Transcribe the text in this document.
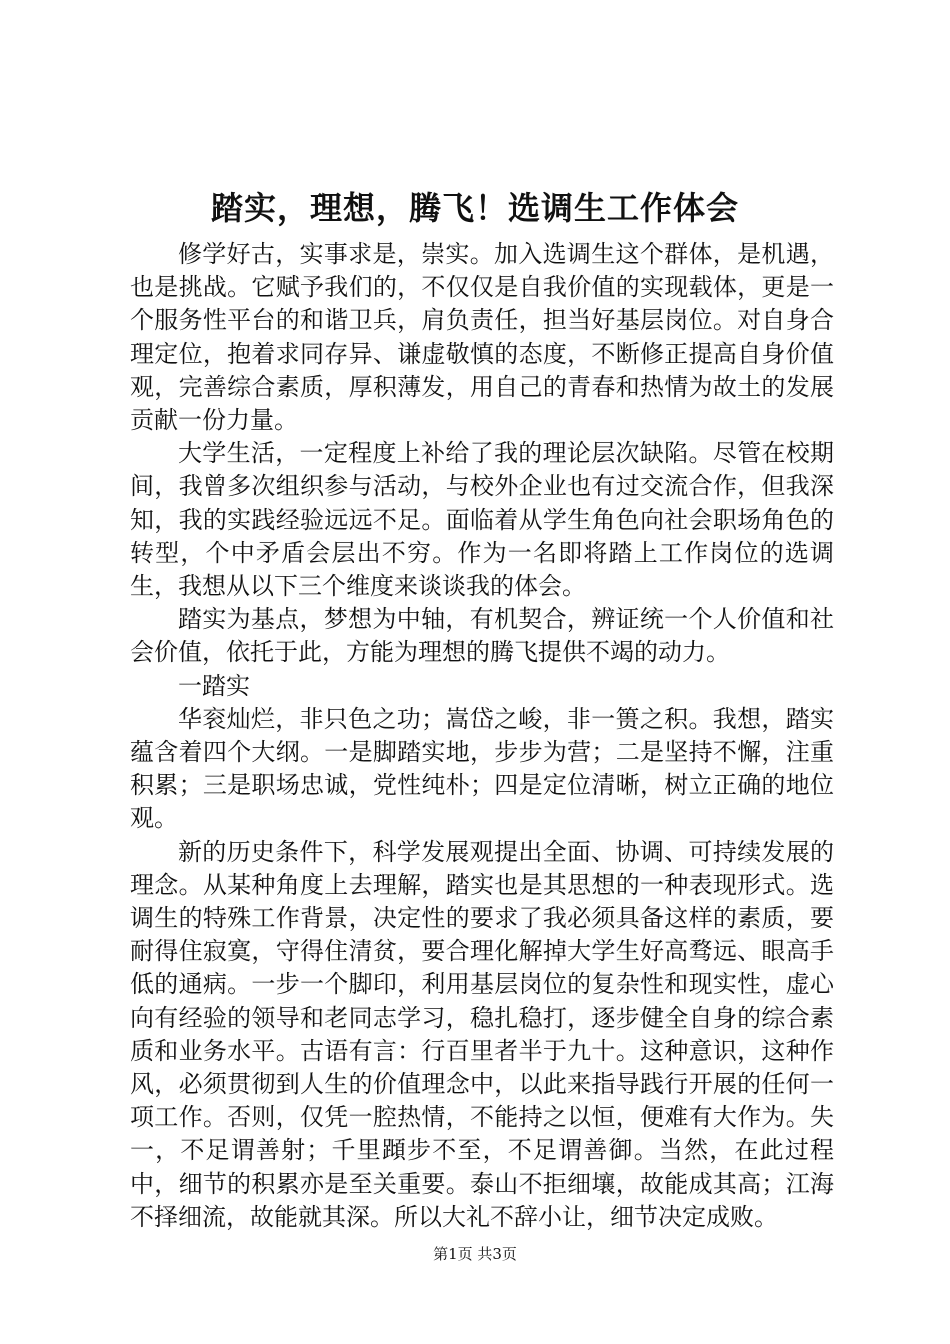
踏实，理想，腾飞！选调生工作体会

修学好古，实事求是，崇实。加入选调生这个群体，是机遇，也是挑战。它赋予我们的，不仅仅是自我价值的实现载体，更是一个服务性平台的和谐卫兵，肩负责任，担当好基层岗位。对自身合理定位，抱着求同存异、谦虚敬慎的态度，不断修正提高自身价值观，完善综合素质，厚积薄发，用自己的青春和热情为故土的发展贡献一份力量。

大学生活，一定程度上补给了我的理论层次缺陷。尽管在校期间，我曾多次组织参与活动，与校外企业也有过交流合作，但我深知，我的实践经验远远不足。面临着从学生角色向社会职场角色的转型，个中矛盾会层出不穷。作为一名即将踏上工作岗位的选调生，我想从以下三个维度来谈谈我的体会。

踏实为基点，梦想为中轴，有机契合，辨证统一个人价值和社会价值，依托于此，方能为理想的腾飞提供不竭的动力。

一踏实

华衮灿烂，非只色之功；嵩岱之峻，非一篑之积。我想，踏实蕴含着四个大纲。一是脚踏实地，步步为营；二是坚持不懈，注重积累；三是职场忠诚，党性纯朴；四是定位清晰，树立正确的地位观。

新的历史条件下，科学发展观提出全面、协调、可持续发展的理念。从某种角度上去理解，踏实也是其思想的一种表现形式。选调生的特殊工作背景，决定性的要求了我必须具备这样的素质，要耐得住寂寞，守得住清贫，要合理化解掉大学生好高骛远、眼高手低的通病。一步一个脚印，利用基层岗位的复杂性和现实性，虚心向有经验的领导和老同志学习，稳扎稳打，逐步健全自身的综合素质和业务水平。古语有言：行百里者半于九十。这种意识，这种作风，必须贯彻到人生的价值理念中，以此来指导践行开展的任何一项工作。否则，仅凭一腔热情，不能持之以恒，便难有大作为。失一，不足谓善射；千里蹞步不至，不足谓善御。当然，在此过程中，细节的积累亦是至关重要。泰山不拒细壤，故能成其高；江海不择细流，故能就其深。所以大礼不辞小让，细节决定成败。

第1页 共3页
